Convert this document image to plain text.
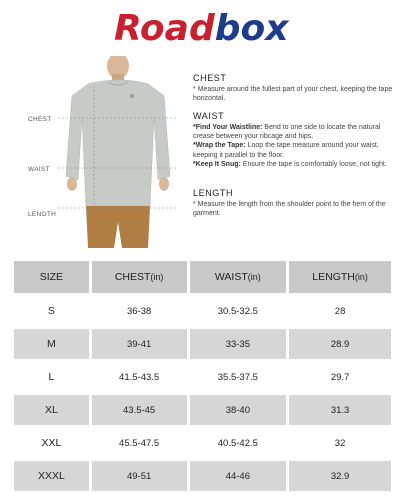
Road box
CHEST
WAIST
LENGTH
CHEST

* Measure around the fullest part of your chest, keeping the tape horizontal.

WAIST

*Find Your Waistline: Bend to one side to locate the natural crease between your ribcage and hips.

*Wrap the Tape: Loop the tape measure around your waist, keeping it parallel to the floor.

*Keep It Snug: Ensure the tape is comfortably loose, not tight.

LENGTH

* Measure the length from the shoulder point to the hem of the garment.

SIZE	CHEST(in)	WAIST(in)	LENGTH(in)
S	36-38	30.5-32.5	28
M	39-41	33-35	28.9
L	41.5-43.5	35.5-37.5	29.7
XL	43.5-45	38-40	31.3
XXL	45.5-47.5	40.5-42.5	32
XXXL	49-51	44-46	32.9
